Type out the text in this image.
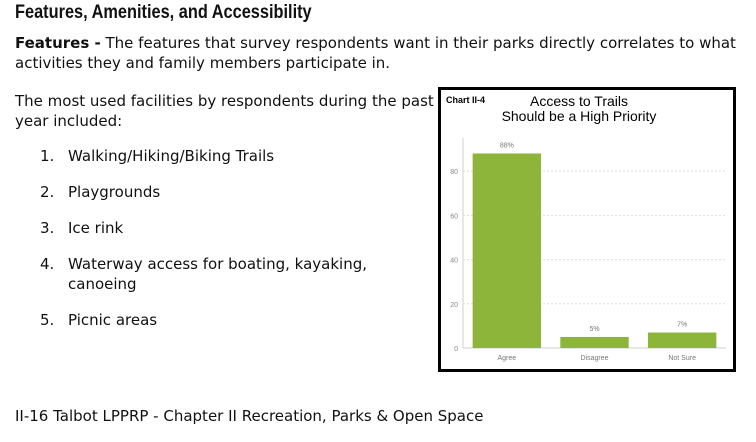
Features, Amenities, and Accessibility

Features - The features that survey respondents want in their parks directly correlates to what activities they and family members participate in.

The most used facilities by respondents during the past year included:

1. Walking/Hiking/Biking Trails
2. Playgrounds
3. Ice rink
4. Waterway access for boating, kayaking, canoeing
5. Picnic areas
Chart II-4	Access to Trails
Should be a High Priority
0
20
40
60
80
88%
Agree
5%
Disagree
7%
Not Sure

II-16 Talbot LPPRP - Chapter II Recreation, Parks & Open Space
